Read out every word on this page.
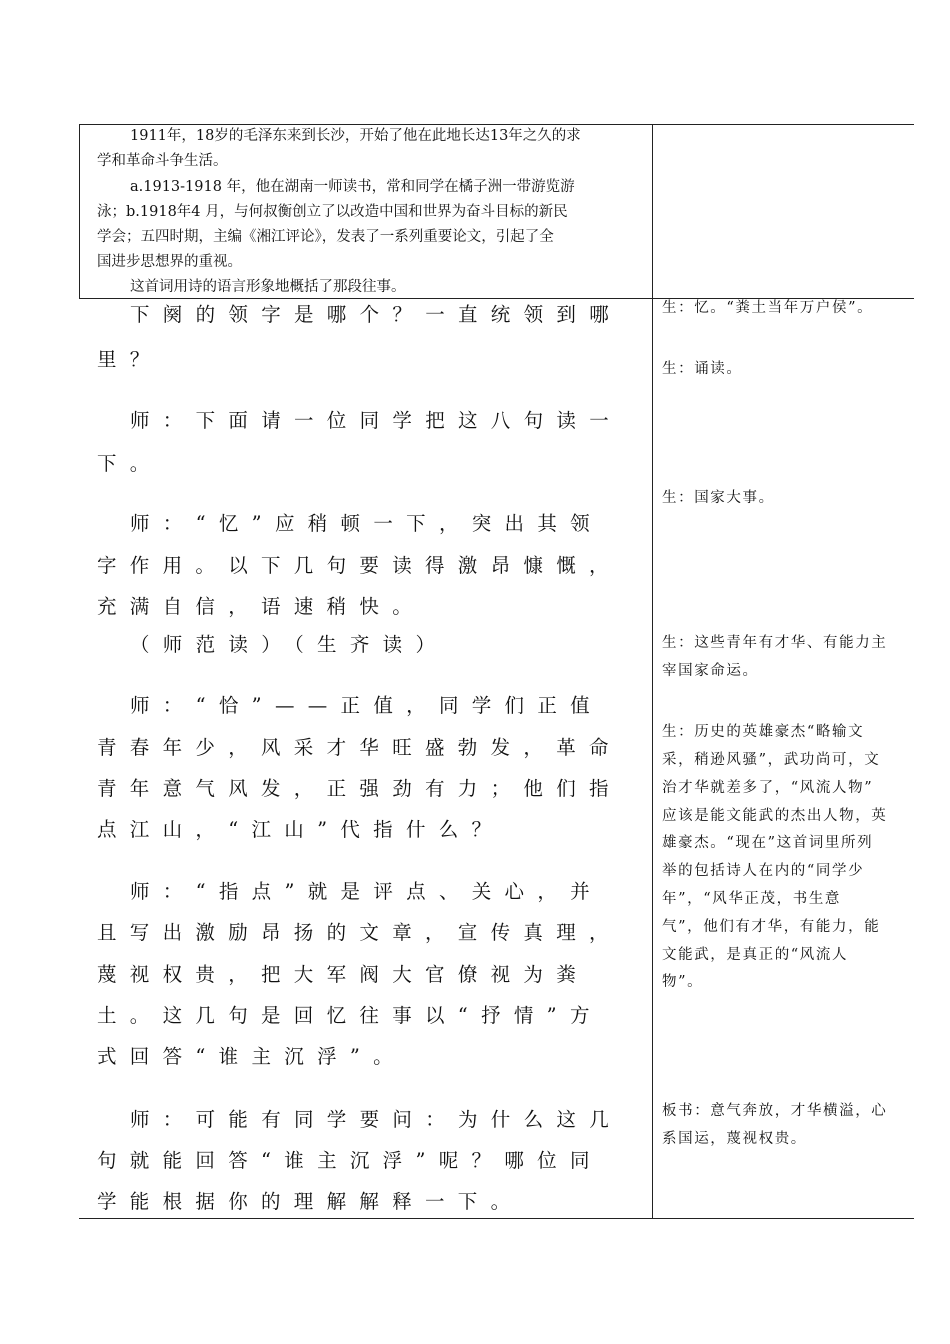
1911年，18岁的毛泽东来到长沙，开始了他在此地长达13年之久的求
学和革命斗争生活。
a.1913-1918 年，他在湖南一师读书，常和同学在橘子洲一带游览游
泳；b.1918年4 月，与何叔衡创立了以改造中国和世界为奋斗目标的新民
学会；五四时期，主编《湘江评论》，发表了一系列重要论文，引起了全
国进步思想界的重视。
这首词用诗的语言形象地概括了那段往事。
下阕的领字是哪个？一直统领到哪
里？
师：下面请一位同学把这八句读一
下。
师：“忆”应稍顿一下，突出其领
字作用。以下几句要读得激昂慷慨，
充满自信，语速稍快。
（师范读）（生齐读）
师：“恰”——正值，同学们正值
青春年少，风采才华旺盛勃发，革命
青年意气风发，正强劲有力；他们指
点江山，“江山”代指什么？
师：“指点”就是评点、关心，并
且写出激励昂扬的文章，宣传真理，
蔑视权贵，把大军阀大官僚视为粪
土。这几句是回忆往事以“抒情”方
式回答“谁主沉浮”。
师：可能有同学要问：为什么这几
句就能回答“谁主沉浮”呢？哪位同
学能根据你的理解解释一下。
生：忆。“粪土当年万户侯”。
生：诵读。
生：国家大事。
生：这些青年有才华、有能力主
宰国家命运。
生：历史的英雄豪杰“略输文
采，稍逊风骚”，武功尚可，文
治才华就差多了，“风流人物”
应该是能文能武的杰出人物，英
雄豪杰。“现在”这首词里所列
举的包括诗人在内的“同学少
年”，“风华正茂，书生意
气”，他们有才华，有能力，能
文能武，是真正的“风流人
物”。
板书：意气奔放，才华横溢，心
系国运，蔑视权贵。
